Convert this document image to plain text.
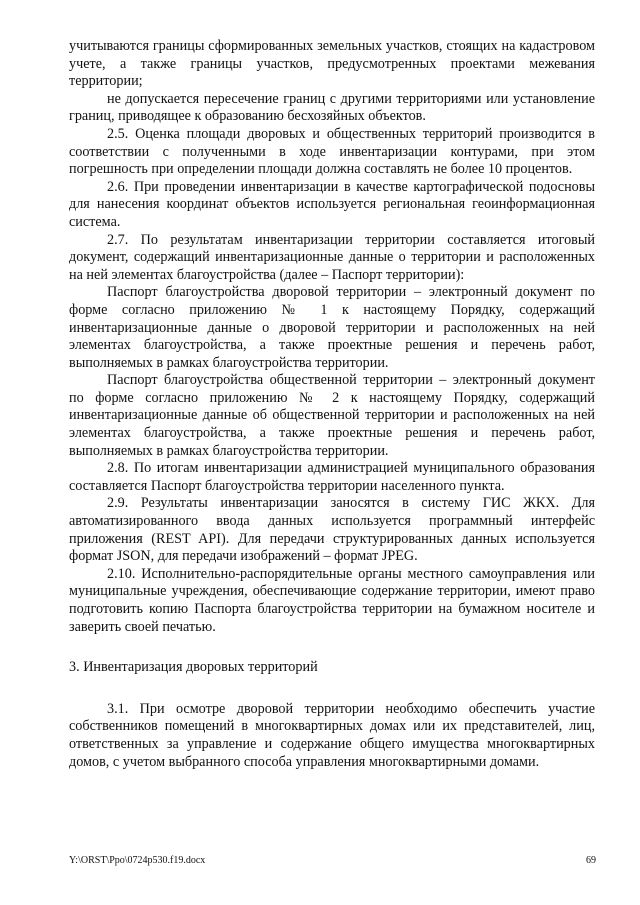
учитываются границы сформированных земельных участков, стоящих на кадастровом учете, а также границы участков, предусмотренных проектами межевания территории;

не допускается пересечение границ с другими территориями или установление границ, приводящее к образованию бесхозяйных объектов.

2.5. Оценка площади дворовых и общественных территорий производится в соответствии с полученными в ходе инвентаризации контурами, при этом погрешность при определении площади должна составлять не более 10 процентов.

2.6. При проведении инвентаризации в качестве картографической подосновы для нанесения координат объектов используется региональная геоинформационная система.

2.7. По результатам инвентаризации территории составляется итоговый документ, содержащий инвентаризационные данные о территории и расположенных на ней элементах благоустройства (далее – Паспорт территории):

Паспорт благоустройства дворовой территории – электронный документ по форме согласно приложению № 1 к настоящему Порядку, содержащий инвентаризационные данные о дворовой территории и расположенных на ней элементах благоустройства, а также проектные решения и перечень работ, выполняемых в рамках благоустройства территории.

Паспорт благоустройства общественной территории – электронный документ по форме согласно приложению № 2 к настоящему Порядку, содержащий инвентаризационные данные об общественной территории и расположенных на ней элементах благоустройства, а также проектные решения и перечень работ, выполняемых в рамках благоустройства территории.

2.8. По итогам инвентаризации администрацией муниципального образования составляется Паспорт благоустройства территории населенного пункта.

2.9. Результаты инвентаризации заносятся в систему ГИС ЖКХ. Для автоматизированного ввода данных используется программный интерфейс приложения (REST API). Для передачи структурированных данных используется формат JSON, для передачи изображений – формат JPEG.

2.10. Исполнительно-распорядительные органы местного самоуправления или муниципальные учреждения, обеспечивающие содержание территории, имеют право подготовить копию Паспорта благоустройства территории на бумажном носителе и заверить своей печатью.

3. Инвентаризация дворовых территорий

3.1. При осмотре дворовой территории необходимо обеспечить участие собственников помещений в многоквартирных домах или их представителей, лиц, ответственных за управление и содержание общего имущества многоквартирных домов, с учетом выбранного способа управления многоквартирными домами.

Y:\ORST\Ppo\0724p530.f19.docx	69
